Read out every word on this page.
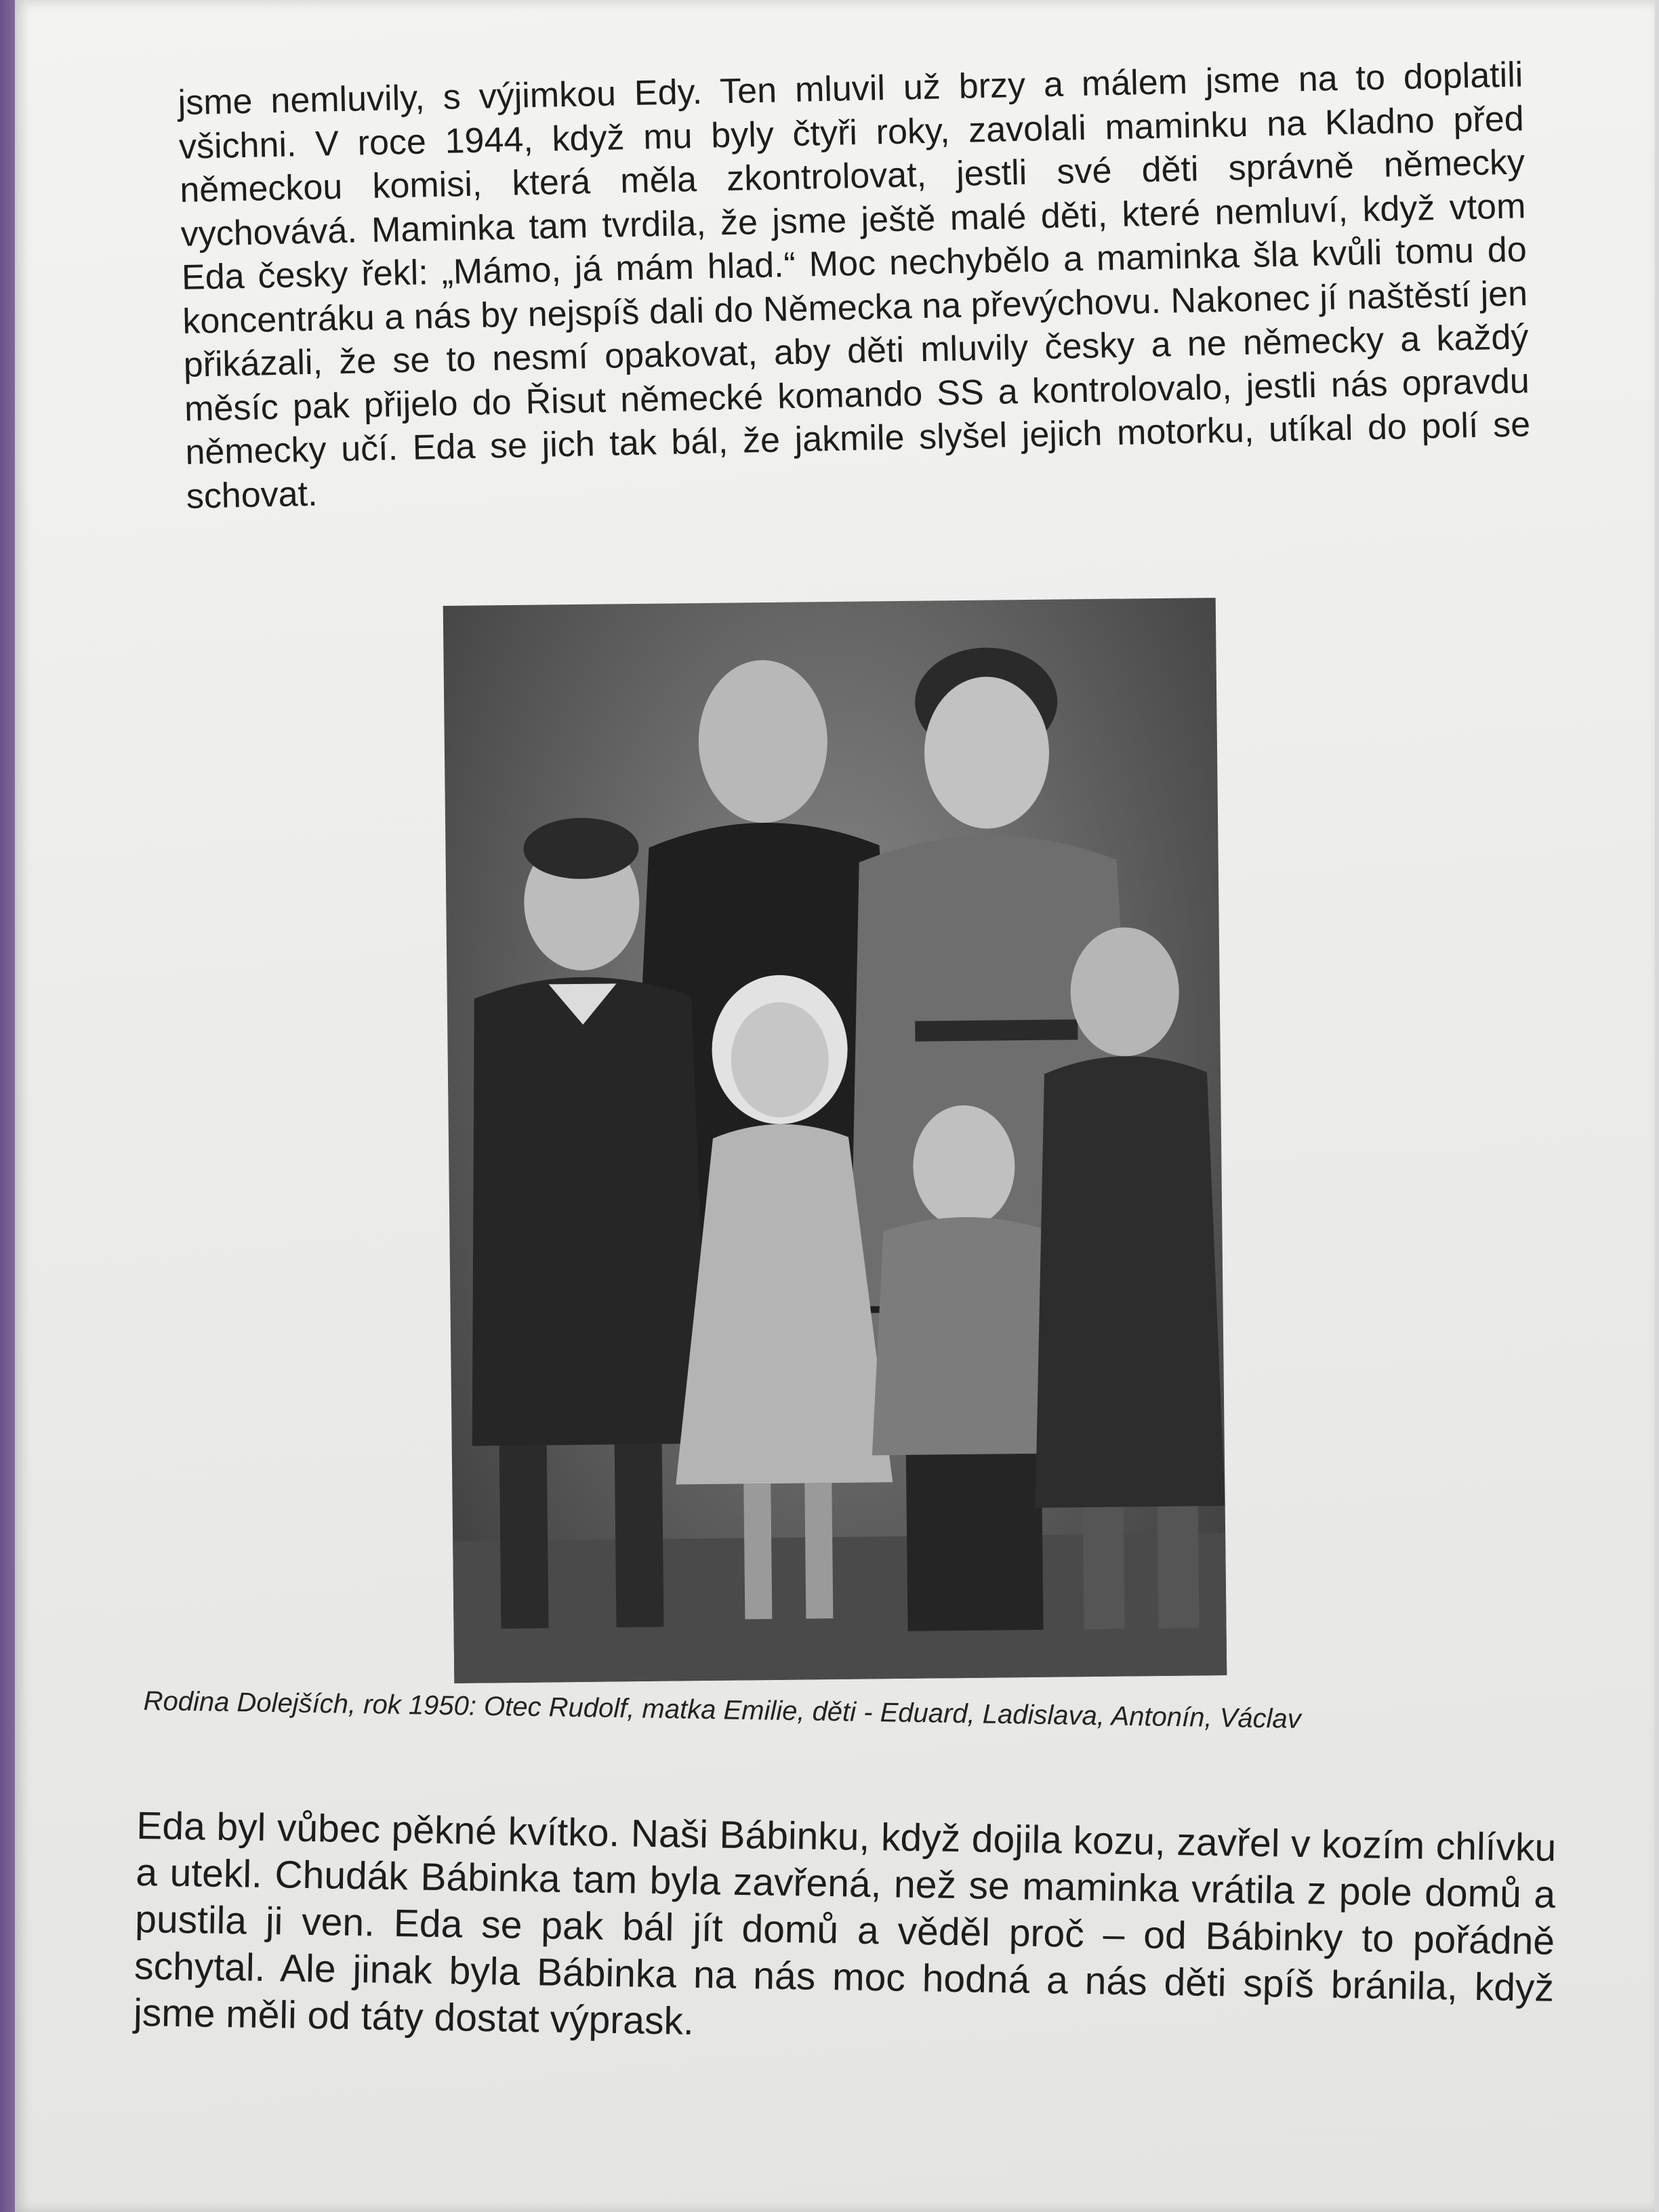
jsme nemluvily, s výjimkou Edy. Ten mluvil už brzy a málem jsme na to doplatili všichni. V roce 1944, když mu byly čtyři roky, zavolali maminku na Kladno před německou komisi, která měla zkontrolovat, jestli své děti správně německy vychovává. Maminka tam tvrdila, že jsme ještě malé děti, které nemluví, když vtom Eda česky řekl: „Mámo, já mám hlad.“ Moc nechybělo a maminka šla kvůli tomu do koncentráku a nás by nejspíš dali do Německa na převýchovu. Nakonec jí naštěstí jen přikázali, že se to nesmí opakovat, aby děti mluvily česky a ne německy a každý měsíc pak přijelo do Řisut německé komando SS a kontrolovalo, jestli nás opravdu německy učí. Eda se jich tak bál, že jakmile slyšel jejich motorku, utíkal do polí se schovat.

Rodina Dolejších, rok 1950: Otec Rudolf, matka Emilie, děti - Eduard, Ladislava, Antonín, Václav

Eda byl vůbec pěkné kvítko. Naši Bábinku, když dojila kozu, zavřel v kozím chlívku a utekl. Chudák Bábinka tam byla zavřená, než se maminka vrátila z pole domů a pustila ji ven. Eda se pak bál jít domů a věděl proč – od Bábinky to pořádně schytal. Ale jinak byla Bábinka na nás moc hodná a nás děti spíš bránila, když jsme měli od táty dostat výprask.
